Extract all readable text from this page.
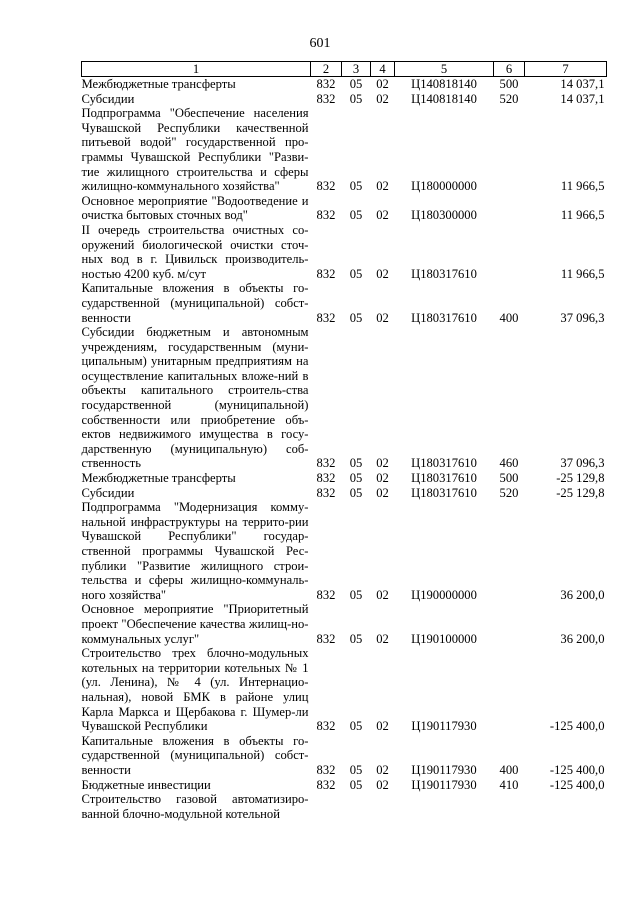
601
1	2	3	4	5	6	7
Межбюджетные трансферты	832	05	02	Ц140818140	500	14 037,1
Субсидии	832	05	02	Ц140818140	520	14 037,1
Подпрограмма "Обеспечение населения Чувашской Республики качественной питьевой водой" государственной про-граммы Чувашской Республики "Разви-тие жилищного строительства и сферы жилищно-коммунального хозяйства"	832	05	02	Ц180000000		11 966,5
Основное мероприятие "Водоотведение и очистка бытовых сточных вод"	832	05	02	Ц180300000		11 966,5
II очередь строительства очистных со-оружений биологической очистки сточ-ных вод в г. Цивильск производитель-ностью 4200 куб. м/сут	832	05	02	Ц180317610		11 966,5
Капитальные вложения в объекты го-сударственной (муниципальной) собст-венности	832	05	02	Ц180317610	400	37 096,3
Субсидии бюджетным и автономным учреждениям, государственным (муни-ципальным) унитарным предприятиям на осуществление капитальных вложе-ний в объекты капитального строитель-ства государственной (муниципальной) собственности или приобретение объ-ектов недвижимого имущества в госу-дарственную (муниципальную) соб-ственность	832	05	02	Ц180317610	460	37 096,3
Межбюджетные трансферты	832	05	02	Ц180317610	500	-25 129,8
Субсидии	832	05	02	Ц180317610	520	-25 129,8
Подпрограмма "Модернизация комму-нальной инфраструктуры на террито-рии Чувашской Республики" государ-ственной программы Чувашской Рес-публики "Развитие жилищного строи-тельства и сферы жилищно-коммуналь-ного хозяйства"	832	05	02	Ц190000000		36 200,0
Основное мероприятие "Приоритетный проект "Обеспечение качества жилищ-но-коммунальных услуг"	832	05	02	Ц190100000		36 200,0
Строительство трех блочно-модульных котельных на территории котельных № 1 (ул. Ленина), № 4 (ул. Интернацио-нальная), новой БМК в районе улиц Карла Маркса и Щербакова г. Шумер-ли Чувашской Республики	832	05	02	Ц190117930		-125 400,0
Капитальные вложения в объекты го-сударственной (муниципальной) собст-венности	832	05	02	Ц190117930	400	-125 400,0
Бюджетные инвестиции	832	05	02	Ц190117930	410	-125 400,0
Строительство газовой автоматизиро-ванной блочно-модульной котельной						
